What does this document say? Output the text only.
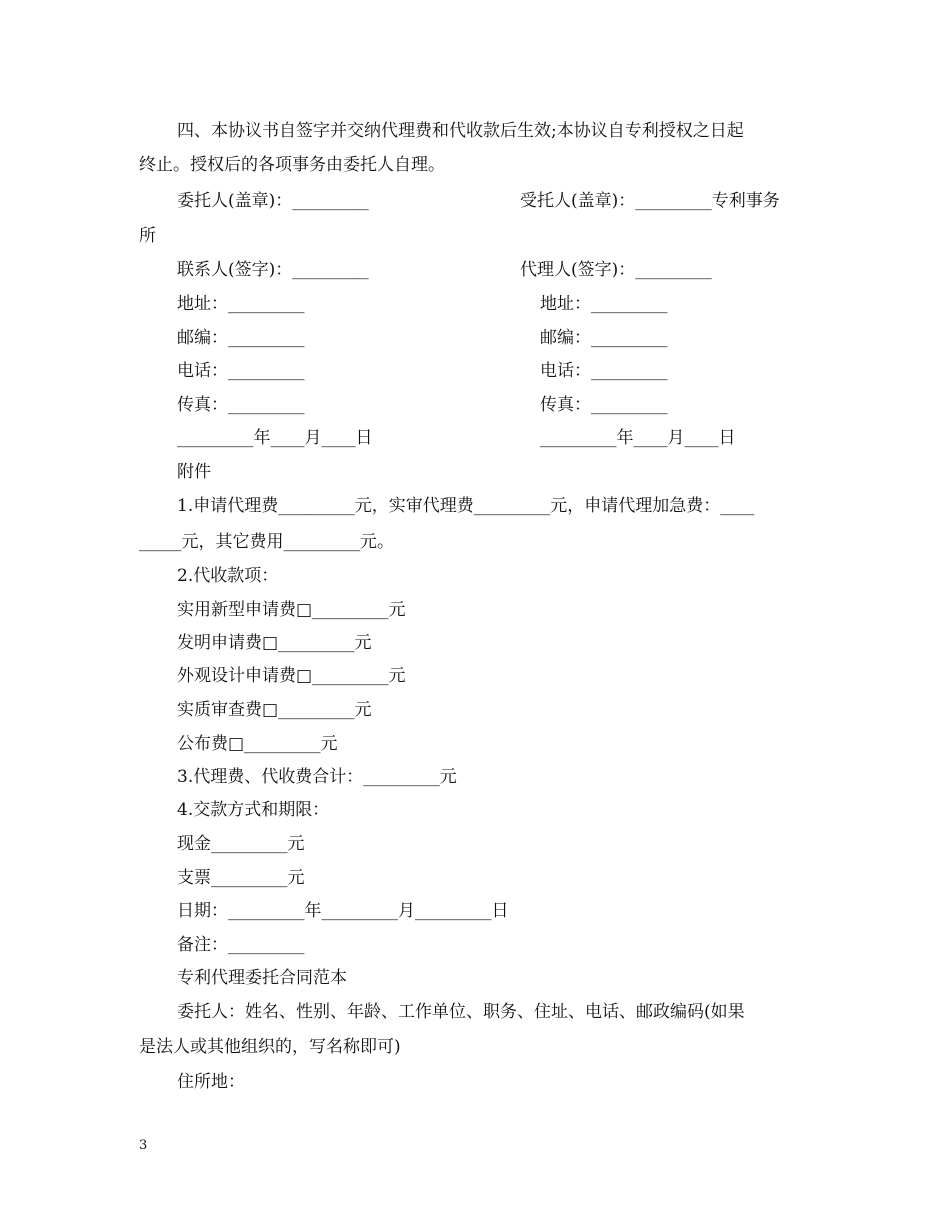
四、本协议书自签字并交纳代理费和代收款后生效;本协议自专利授权之日起
终止。授权后的各项事务由委托人自理。
委托人(盖章)：_________	受托人(盖章)：_________专利事务
所
联系人(签字)：_________	代理人(签字)：_________
地址：_________	地址：_________
邮编：_________	邮编：_________
电话：_________	电话：_________
传真：_________	传真：_________
_________年____月____日	_________年____月____日
附件
1.申请代理费_________元，实审代理费_________元，申请代理加急费：____
_____元，其它费用_________元。
2.代收款项：
实用新型申请费□_________元
发明申请费□_________元
外观设计申请费□_________元
实质审查费□_________元
公布费□_________元
3.代理费、代收费合计：_________元
4.交款方式和期限：
现金_________元
支票_________元
日期：_________年_________月_________日
备注：_________
专利代理委托合同范本
委托人：姓名、性别、年龄、工作单位、职务、住址、电话、邮政编码(如果
是法人或其他组织的，写名称即可)
住所地：
3
